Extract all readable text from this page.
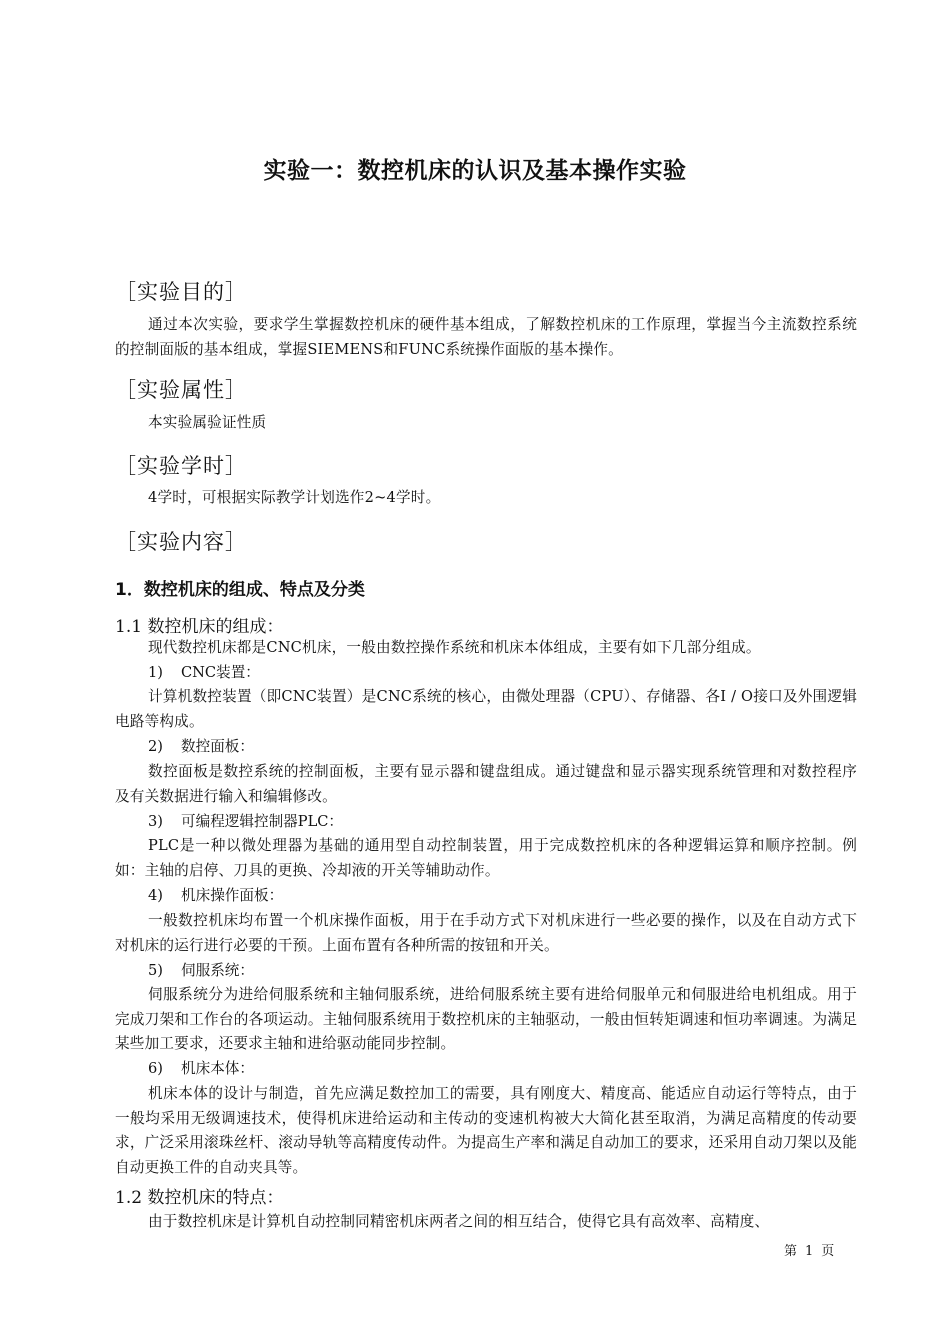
实验一：数控机床的认识及基本操作实验
［实验目的］
通过本次实验，要求学生掌握数控机床的硬件基本组成，了解数控机床的工作原理，掌握当今主流数控系统的控制面版的基本组成，掌握SIEMENS和FUNC系统操作面版的基本操作。
［实验属性］
本实验属验证性质
［实验学时］
4学时，可根据实际教学计划选作2~4学时。
［实验内容］
1．数控机床的组成、特点及分类
1.1 数控机床的组成：
现代数控机床都是CNC机床，一般由数控操作系统和机床本体组成，主要有如下几部分组成。
1) CNC装置：
计算机数控装置（即CNC装置）是CNC系统的核心，由微处理器（CPU）、存储器、各I / O接口及外围逻辑电路等构成。
2) 数控面板：
数控面板是数控系统的控制面板，主要有显示器和键盘组成。通过键盘和显示器实现系统管理和对数控程序及有关数据进行输入和编辑修改。
3) 可编程逻辑控制器PLC：
PLC是一种以微处理器为基础的通用型自动控制装置，用于完成数控机床的各种逻辑运算和顺序控制。例如：主轴的启停、刀具的更换、冷却液的开关等辅助动作。
4) 机床操作面板：
一般数控机床均布置一个机床操作面板，用于在手动方式下对机床进行一些必要的操作，以及在自动方式下对机床的运行进行必要的干预。上面布置有各种所需的按钮和开关。
5) 伺服系统：
伺服系统分为进给伺服系统和主轴伺服系统，进给伺服系统主要有进给伺服单元和伺服进给电机组成。用于完成刀架和工作台的各项运动。主轴伺服系统用于数控机床的主轴驱动，一般由恒转矩调速和恒功率调速。为满足某些加工要求，还要求主轴和进给驱动能同步控制。
6) 机床本体：
机床本体的设计与制造，首先应满足数控加工的需要，具有刚度大、精度高、能适应自动运行等特点，由于一般均采用无级调速技术，使得机床进给运动和主传动的变速机构被大大简化甚至取消，为满足高精度的传动要求，广泛采用滚珠丝杆、滚动导轨等高精度传动件。为提高生产率和满足自动加工的要求，还采用自动刀架以及能自动更换工件的自动夹具等。
1.2 数控机床的特点：
由于数控机床是计算机自动控制同精密机床两者之间的相互结合，使得它具有高效率、高精度、
第 1 页
